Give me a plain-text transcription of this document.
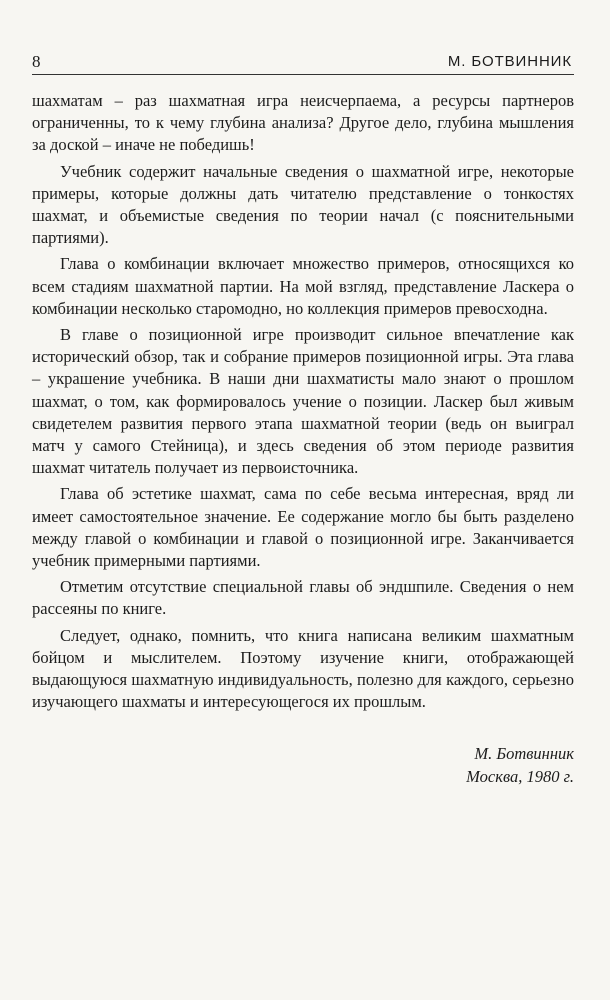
8	М. БОТВИННИК

шахматам – раз шахматная игра неисчерпаема, а ресурсы партнеров ограниченны, то к чему глубина анализа? Другое дело, глубина мышления за доской – иначе не победишь!

Учебник содержит начальные сведения о шахматной игре, некоторые примеры, которые должны дать читателю представление о тонкостях шахмат, и объемистые сведения по теории начал (с пояснительными партиями).

Глава о комбинации включает множество примеров, относящихся ко всем стадиям шахматной партии. На мой взгляд, представление Ласкера о комбинации несколько старомодно, но коллекция примеров превосходна.

В главе о позиционной игре производит сильное впечатление как исторический обзор, так и собрание примеров позиционной игры. Эта глава – украшение учебника. В наши дни шахматисты мало знают о прошлом шахмат, о том, как формировалось учение о позиции. Ласкер был живым свидетелем развития первого этапа шахматной теории (ведь он выиграл матч у самого Стейница), и здесь сведения об этом периоде развития шахмат читатель получает из первоисточника.

Глава об эстетике шахмат, сама по себе весьма интересная, вряд ли имеет самостоятельное значение. Ее содержание могло бы быть разделено между главой о комбинации и главой о позиционной игре. Заканчивается учебник примерными партиями.

Отметим отсутствие специальной главы об эндшпиле. Сведения о нем рассеяны по книге.

Следует, однако, помнить, что книга написана великим шахматным бойцом и мыслителем. Поэтому изучение книги, отображающей выдающуюся шахматную индивидуальность, полезно для каждого, серьезно изучающего шахматы и интересующегося их прошлым.

М. Ботвинник
Москва, 1980 г.
